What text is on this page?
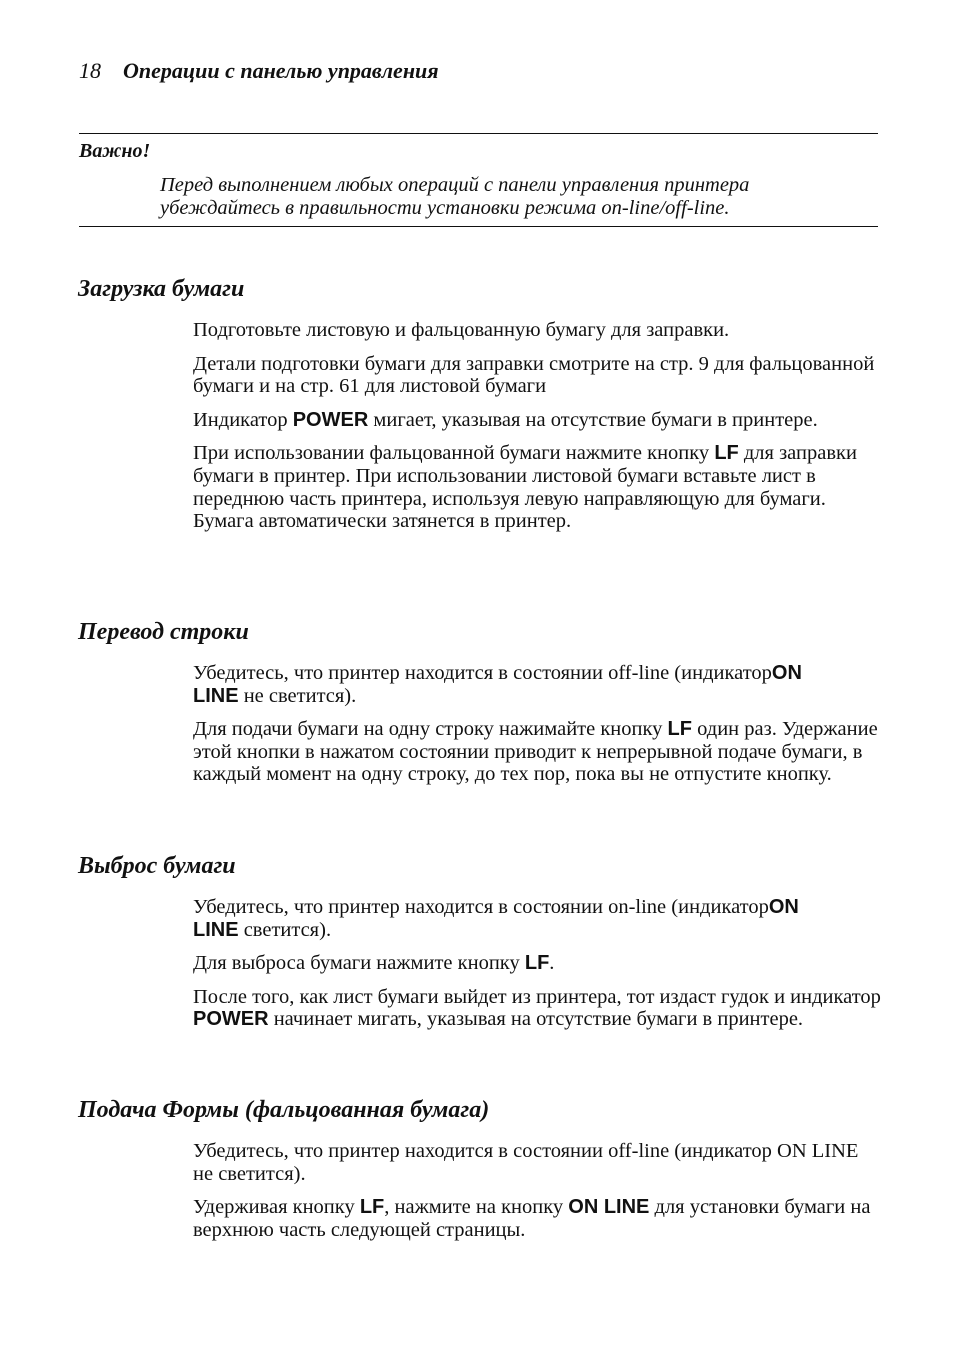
18 Операции с панелью управления
Важно!
Перед выполнением любых операций с панели управления принтера убеждайтесь в правильности установки режима on-line/off-line.
Загрузка бумаги

Подготовьте листовую и фальцованную бумагу для заправки.

Детали подготовки бумаги для заправки смотрите на стр. 9 для фальцованной бумаги и на стр. 61 для листовой бумаги

Индикатор POWER мигает, указывая на отсутствие бумаги в принтере.

При использовании фальцованной бумаги нажмите кнопку LF для заправки бумаги в принтер. При использовании листовой бумаги вставьте лист в переднюю часть принтера, используя левую направляющую для бумаги. Бумага автоматически затянется в принтер.

Перевод строки

Убедитесь, что принтер находится в состоянии off-line (индикаторON
LINE не светится).

Для подачи бумаги на одну строку нажимайте кнопку LF один раз. Удержание этой кнопки в нажатом состоянии приводит к непрерывной подаче бумаги, в каждый момент на одну строку, до тех пор, пока вы не отпустите кнопку.

Выброс бумаги

Убедитесь, что принтер находится в состоянии on-line (индикаторON
LINE светится).

Для выброса бумаги нажмите кнопку LF.

После того, как лист бумаги выйдет из принтера, тот издаст гудок и индикатор POWER начинает мигать, указывая на отсутствие бумаги в принтере.

Подача Формы (фальцованная бумага)

Убедитесь, что принтер находится в состоянии off-line (индикатор ON LINE не светится).

Удерживая кнопку LF, нажмите на кнопку ON LINE для установки бумаги на верхнюю часть следующей страницы.
